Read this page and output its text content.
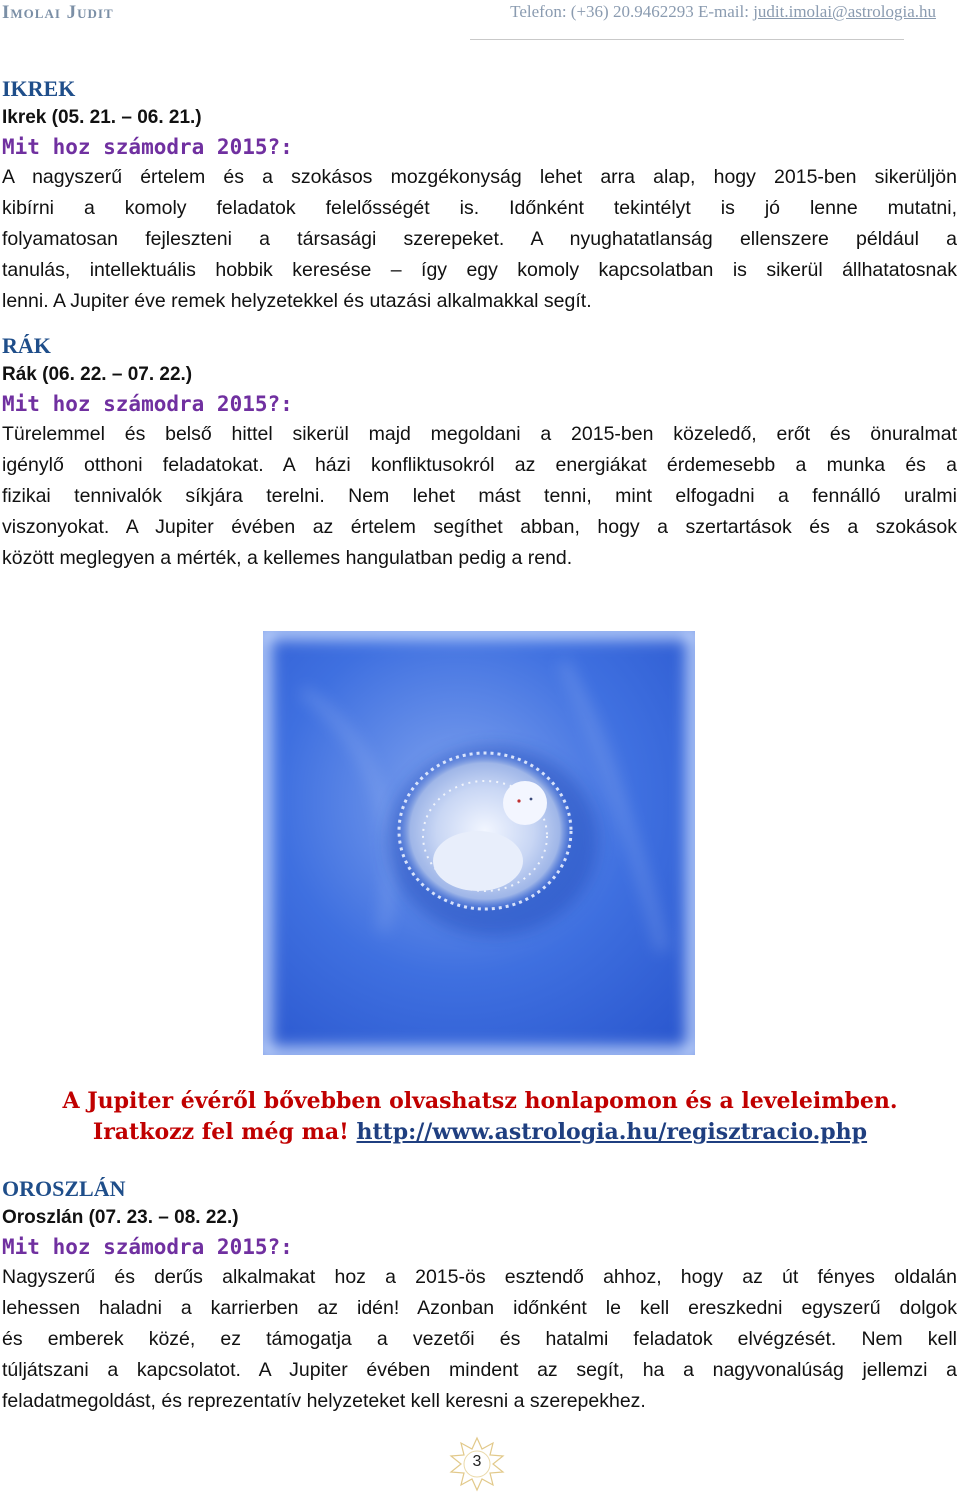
Imolai Judit	Telefon: (+36) 20.9462293 E-mail: judit.imolai@astrologia.hu
IKREK
Ikrek (05. 21. – 06. 21.)
Mit hoz számodra 2015?:
A nagyszerű értelem és a szokásos mozgékonyság lehet arra alap, hogy 2015-ben sikerüljön
kibírni a komoly feladatok felelősségét is. Időnként tekintélyt is jó lenne mutatni,
folyamatosan fejleszteni a társasági szerepeket. A nyughatatlanság ellenszere például a
tanulás, intellektuális hobbik keresése – így egy komoly kapcsolatban is sikerül állhatatosnak
lenni. A Jupiter éve remek helyzetekkel és utazási alkalmakkal segít.
RÁK
Rák (06. 22. – 07. 22.)
Mit hoz számodra 2015?:
Türelemmel és belső hittel sikerül majd megoldani a 2015-ben közeledő, erőt és önuralmat
igénylő otthoni feladatokat. A házi konfliktusokról az energiákat érdemesebb a munka és a
fizikai tennivalók síkjára terelni. Nem lehet mást tenni, mint elfogadni a fennálló uralmi
viszonyokat. A Jupiter évében az értelem segíthet abban, hogy a szertartások és a szokások
között meglegyen a mérték, a kellemes hangulatban pedig a rend.
A Jupiter évéről bővebben olvashatsz honlapomon és a leveleimben.
Iratkozz fel még ma! http://www.astrologia.hu/regisztracio.php
OROSZLÁN
Oroszlán (07. 23. – 08. 22.)
Mit hoz számodra 2015?:
Nagyszerű és derűs alkalmakat hoz a 2015-ös esztendő ahhoz, hogy az út fényes oldalán
lehessen haladni a karrierben az idén! Azonban időnként le kell ereszkedni egyszerű dolgok
és emberek közé, ez támogatja a vezetői és hatalmi feladatok elvégzését. Nem kell
túljátszani a kapcsolatot. A Jupiter évében mindent az segít, ha a nagyvonalúság jellemzi a
feladatmegoldást, és reprezentatív helyzeteket kell keresni a szerepekhez.
3
